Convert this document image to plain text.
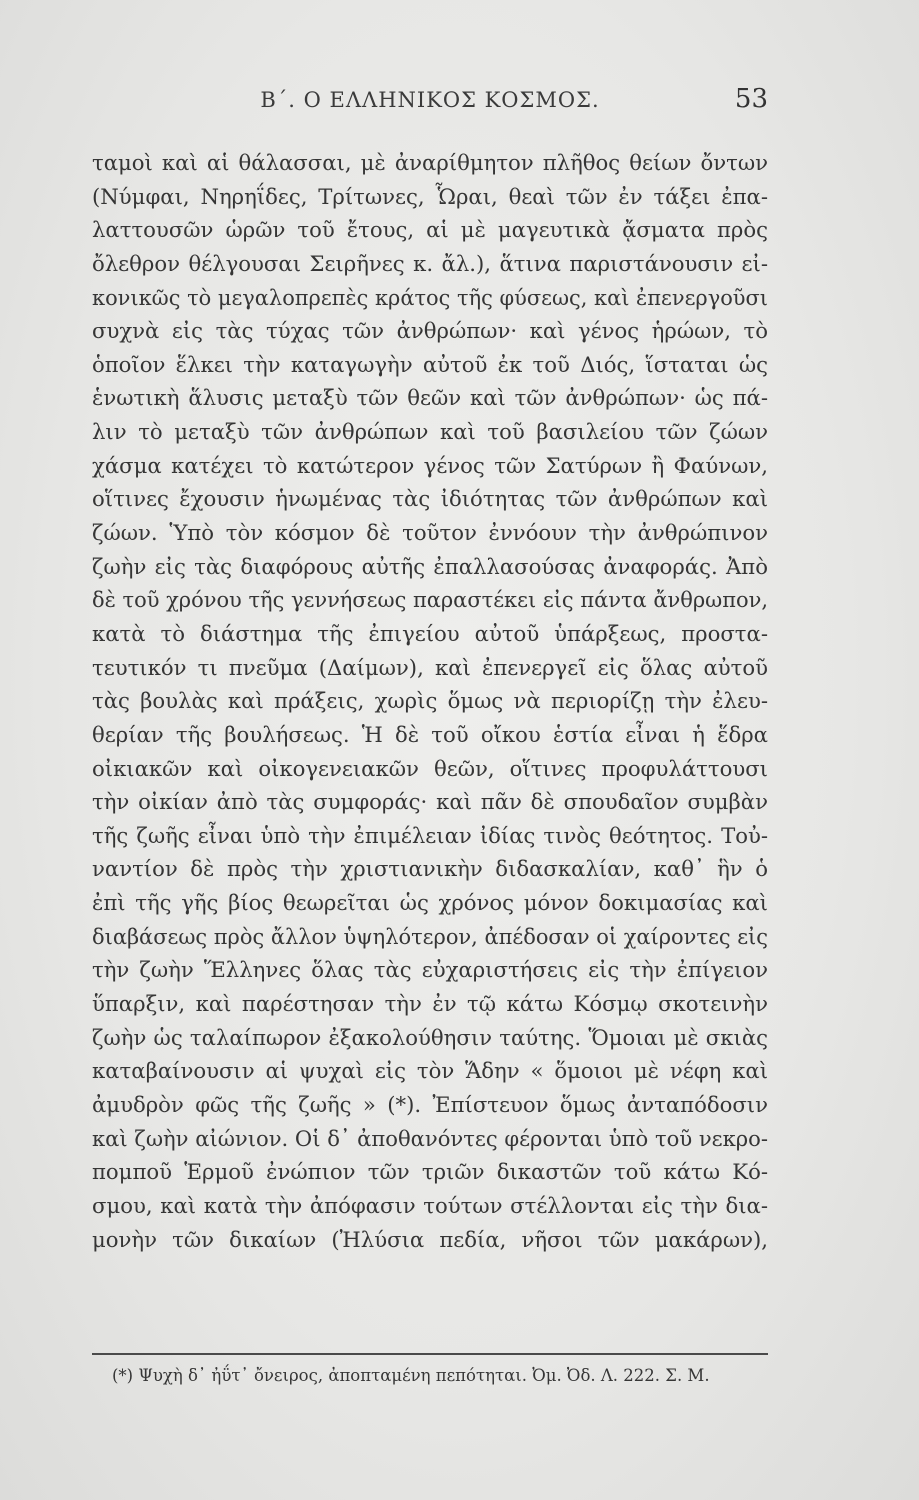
Β΄. Ο ΕΛΛΗΝΙΚΟΣ ΚΟΣΜΟΣ.	53
ταμοὶ καὶ αἱ θάλασσαι, μὲ ἀναρίθμητον πλῆθος θείων ὄντων
(Νύμφαι, Νηρηΐδες, Τρίτωνες, Ὧραι, θεαὶ τῶν ἐν τάξει ἐπα-
λαττουσῶν ὡρῶν τοῦ ἔτους, αἱ μὲ μαγευτικὰ ᾄσματα πρὸς
ὄλεθρον θέλγουσαι Σειρῆνες κ. ἄλ.), ἅτινα παριστάνουσιν εἰ-
κονικῶς τὸ μεγαλοπρεπὲς κράτος τῆς φύσεως, καὶ ἐπενεργοῦσι
συχνὰ εἰς τὰς τύχας τῶν ἀνθρώπων· καὶ γένος ἡρώων, τὸ
ὁποῖον ἕλκει τὴν καταγωγὴν αὐτοῦ ἐκ τοῦ Διός, ἵσταται ὡς
ἑνωτικὴ ἅλυσις μεταξὺ τῶν θεῶν καὶ τῶν ἀνθρώπων· ὡς πά-
λιν τὸ μεταξὺ τῶν ἀνθρώπων καὶ τοῦ βασιλείου τῶν ζώων
χάσμα κατέχει τὸ κατώτερον γένος τῶν Σατύρων ἢ Φαύνων,
οἵτινες ἔχουσιν ἡνωμένας τὰς ἰδιότητας τῶν ἀνθρώπων καὶ
ζώων. Ὑπὸ τὸν κόσμον δὲ τοῦτον ἐννόουν τὴν ἀνθρώπινον
ζωὴν εἰς τὰς διαφόρους αὐτῆς ἐπαλλασούσας ἀναφοράς. Ἀπὸ
δὲ τοῦ χρόνου τῆς γεννήσεως παραστέκει εἰς πάντα ἄνθρωπον,
κατὰ τὸ διάστημα τῆς ἐπιγείου αὐτοῦ ὑπάρξεως, προστα-
τευτικόν τι πνεῦμα (Δαίμων), καὶ ἐπενεργεῖ εἰς ὅλας αὐτοῦ
τὰς βουλὰς καὶ πράξεις, χωρὶς ὅμως νὰ περιορίζῃ τὴν ἐλευ-
θερίαν τῆς βουλήσεως. Ἡ δὲ τοῦ οἴκου ἑστία εἶναι ἡ ἕδρα
οἰκιακῶν καὶ οἰκογενειακῶν θεῶν, οἵτινες προφυλάττουσι
τὴν οἰκίαν ἀπὸ τὰς συμφοράς· καὶ πᾶν δὲ σπουδαῖον συμβὰν
τῆς ζωῆς εἶναι ὑπὸ τὴν ἐπιμέλειαν ἰδίας τινὸς θεότητος. Τοὐ-
ναντίον δὲ πρὸς τὴν χριστιανικὴν διδασκαλίαν, καθ᾽ ἣν ὁ
ἐπὶ τῆς γῆς βίος θεωρεῖται ὡς χρόνος μόνον δοκιμασίας καὶ
διαβάσεως πρὸς ἄλλον ὑψηλότερον, ἀπέδοσαν οἱ χαίροντες εἰς
τὴν ζωὴν Ἕλληνες ὅλας τὰς εὐχαριστήσεις εἰς τὴν ἐπίγειον
ὕπαρξιν, καὶ παρέστησαν τὴν ἐν τῷ κάτω Κόσμῳ σκοτεινὴν
ζωὴν ὡς ταλαίπωρον ἐξακολούθησιν ταύτης. Ὅμοιαι μὲ σκιὰς
καταβαίνουσιν αἱ ψυχαὶ εἰς τὸν Ἅδην « ὅμοιοι μὲ νέφη καὶ
ἀμυδρὸν φῶς τῆς ζωῆς » (*). Ἐπίστευον ὅμως ἀνταπόδοσιν
καὶ ζωὴν αἰώνιον. Οἱ δ᾽ ἀποθανόντες φέρονται ὑπὸ τοῦ νεκρο-
πομποῦ Ἑρμοῦ ἐνώπιον τῶν τριῶν δικαστῶν τοῦ κάτω Κό-
σμου, καὶ κατὰ τὴν ἀπόφασιν τούτων στέλλονται εἰς τὴν δια-
μονὴν τῶν δικαίων (Ἠλύσια πεδία, νῆσοι τῶν μακάρων),
(*) Ψυχὴ δ᾽ ἠΰτ᾽ ὄνειρος, ἀποπταμένη πεπότηται. Ὀμ. Ὀδ. Λ. 222. Σ. Μ.
